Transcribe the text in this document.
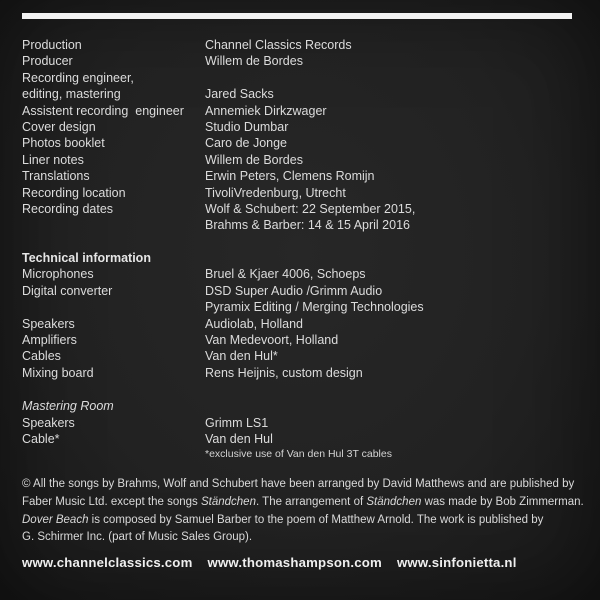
Production	Channel Classics Records
Producer	Willem de Bordes
Recording engineer,
editing, mastering	Jared Sacks
Assistent recording  engineer	Annemiek Dirkzwager
Cover design	Studio Dumbar
Photos booklet	Caro de Jonge
Liner notes	Willem de Bordes
Translations	Erwin Peters, Clemens Romijn
Recording location	TivoliVredenburg, Utrecht
Recording dates	Wolf & Schubert: 22 September 2015,
Brahms & Barber: 14 & 15 April 2016
Technical information
Microphones	Bruel & Kjaer 4006, Schoeps
Digital converter	DSD Super Audio /Grimm Audio
Pyramix Editing / Merging Technologies
Speakers	Audiolab, Holland
Amplifiers	Van Medevoort, Holland
Cables	Van den Hul*
Mixing board	Rens Heijnis, custom design
Mastering Room
Speakers	Grimm LS1
Cable*	Van den Hul
*exclusive use of Van den Hul 3T cables
© All the songs by Brahms, Wolf and Schubert have been arranged by David Matthews and are published by
Faber Music Ltd. except the songs Ständchen. The arrangement of Ständchen was made by Bob Zimmerman.
Dover Beach is composed by Samuel Barber to the poem of Matthew Arnold. The work is published by
G. Schirmer Inc. (part of Music Sales Group).
www.channelclassics.com www.thomashampson.com www.sinfonietta.nl
